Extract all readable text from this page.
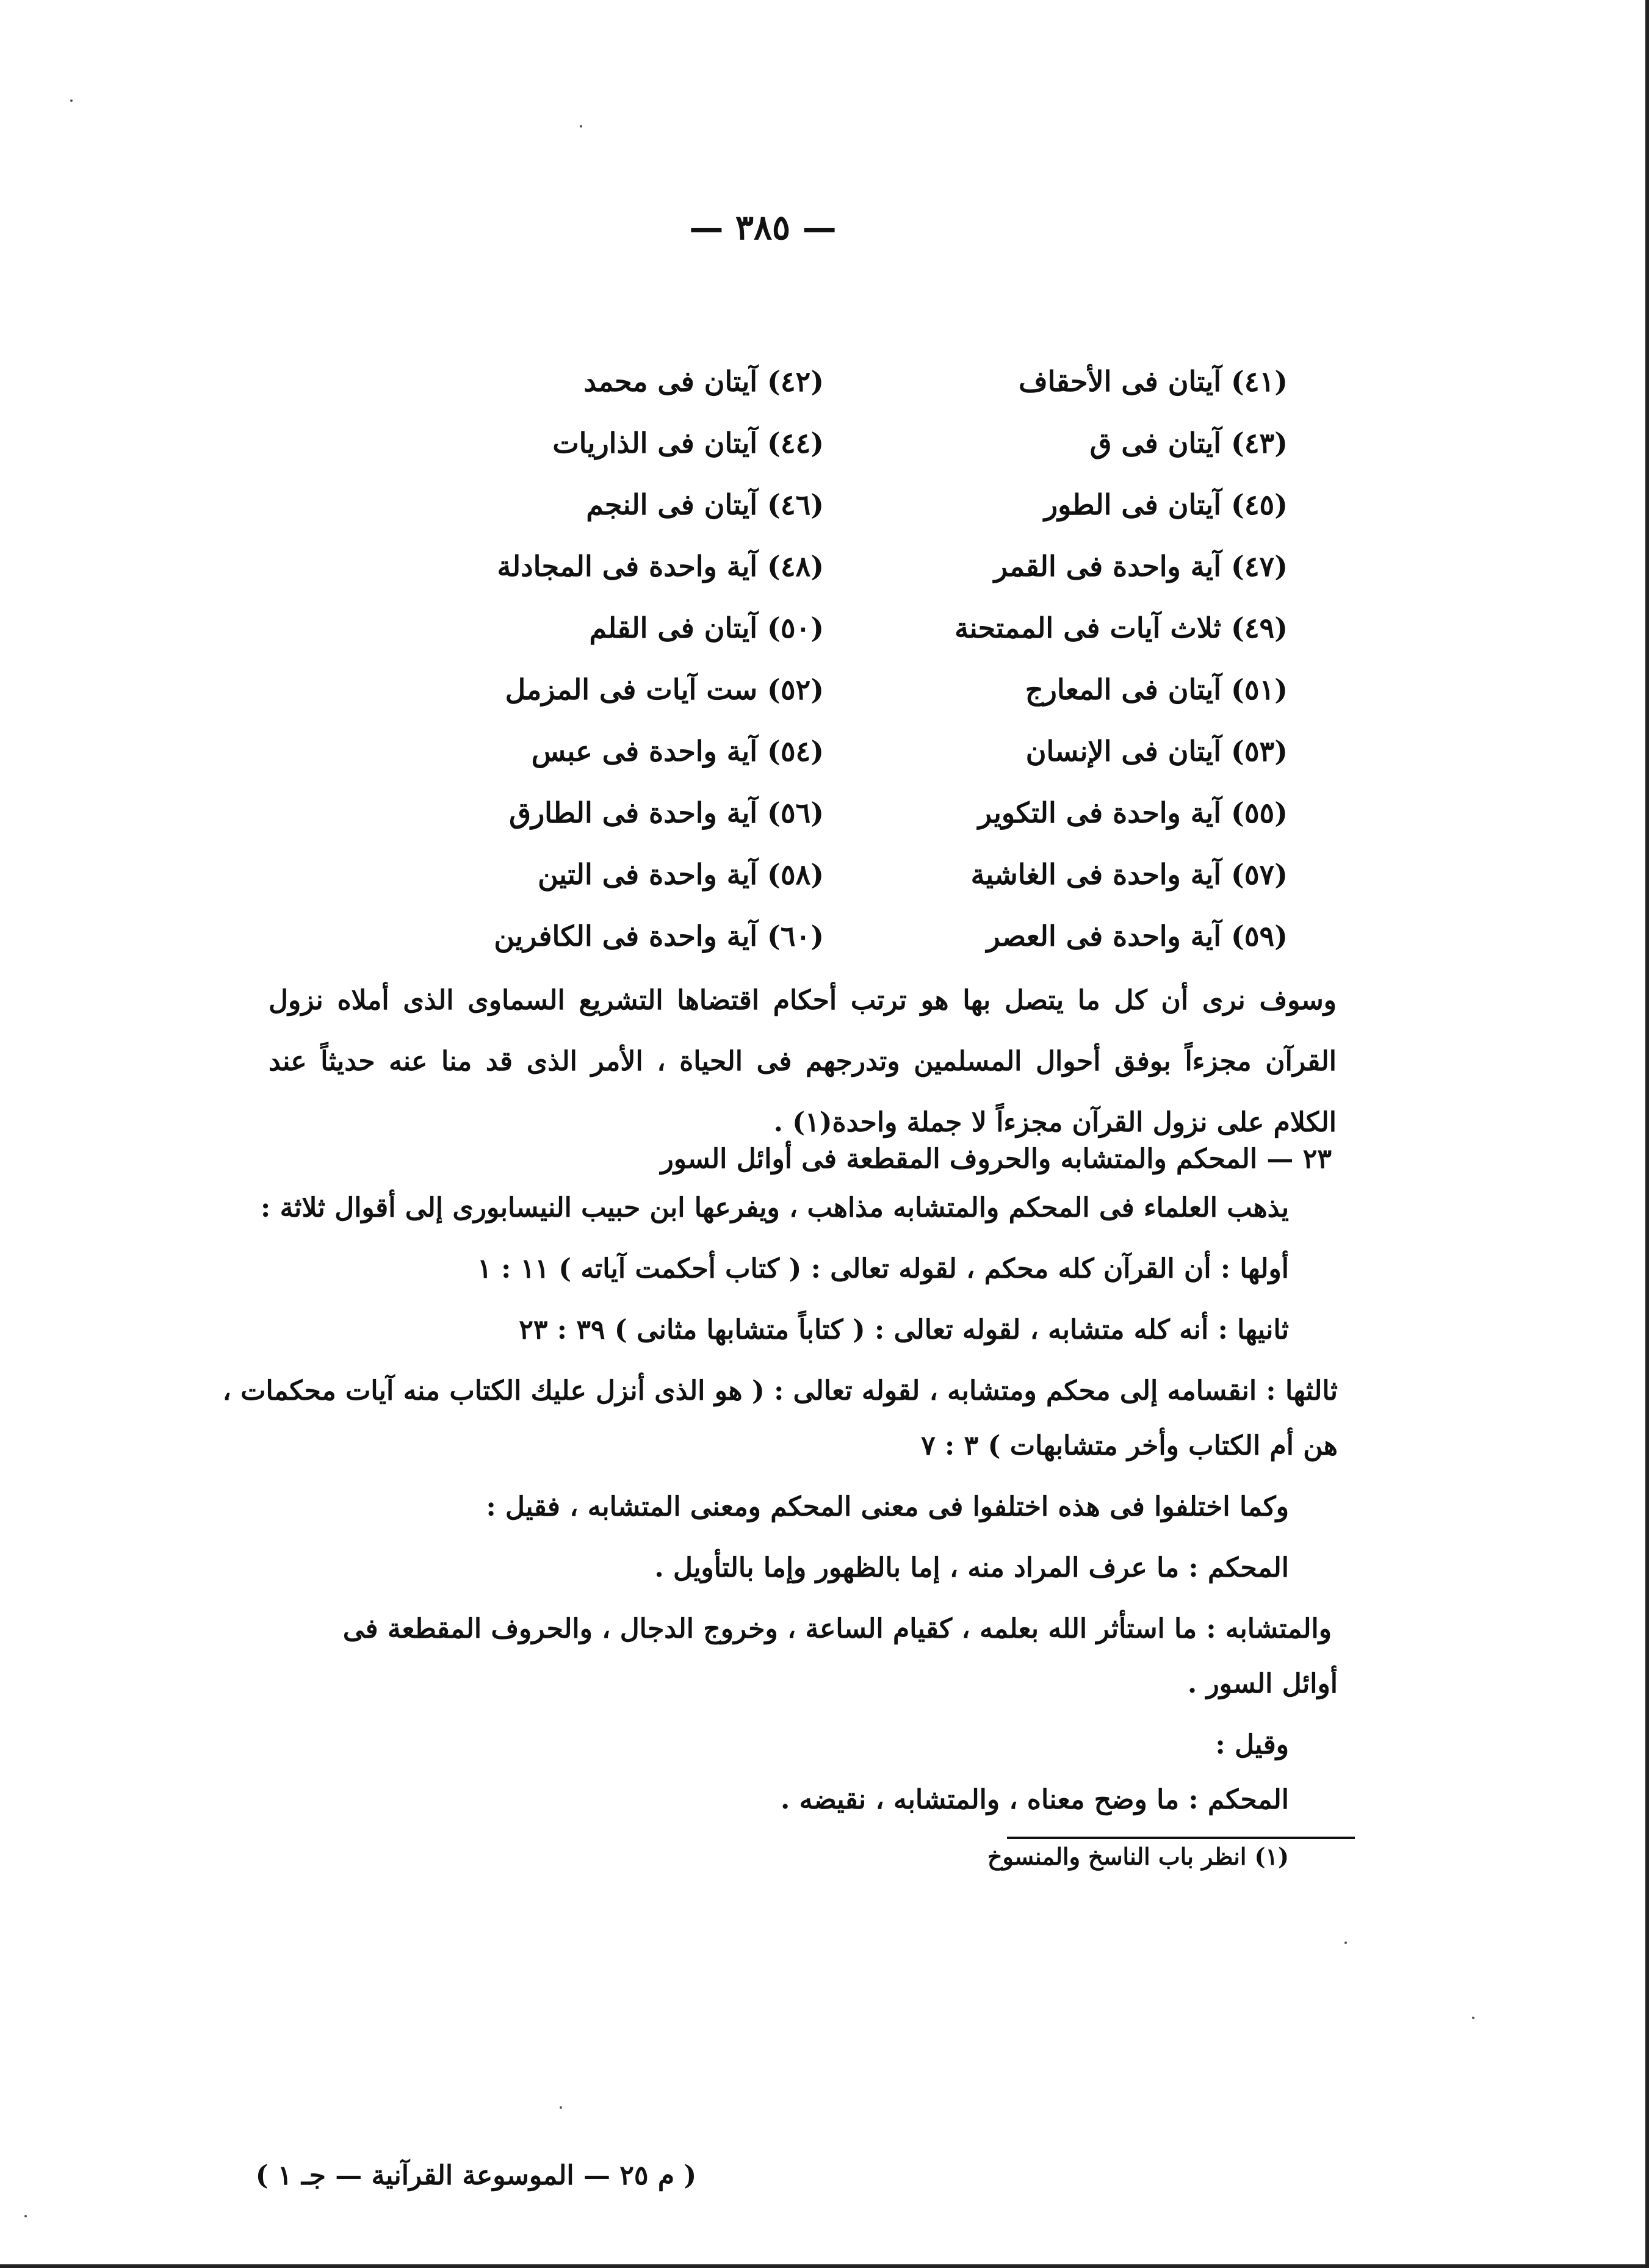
— ٣٨٥ —
(٤١) آيتان فى الأحقاف
(٤٢) آيتان فى محمد
(٤٣) آيتان فى ق
(٤٤) آيتان فى الذاريات
(٤٥) آيتان فى الطور
(٤٦) آيتان فى النجم
(٤٧) آية واحدة فى القمر
(٤٨) آية واحدة فى المجادلة
(٤٩) ثلاث آيات فى الممتحنة
(٥٠) آيتان فى القلم
(٥١) آيتان فى المعارج
(٥٢) ست آيات فى المزمل
(٥٣) آيتان فى الإنسان
(٥٤) آية واحدة فى عبس
(٥٥) آية واحدة فى التكوير
(٥٦) آية واحدة فى الطارق
(٥٧) آية واحدة فى الغاشية
(٥٨) آية واحدة فى التين
(٥٩) آية واحدة فى العصر
(٦٠) آية واحدة فى الكافرين
وسوف نرى أن كل ما يتصل بها هو ترتب أحكام اقتضاها التشريع السماوى الذى أملاه نزول القرآن مجزءاً بوفق أحوال المسلمين وتدرجهم فى الحياة ، الأمر الذى قد منا عنه حديثاً عند الكلام على نزول القرآن مجزءاً لا جملة واحدة(١) .
٢٣ — المحكم والمتشابه والحروف المقطعة فى أوائل السور
يذهب العلماء فى المحكم والمتشابه مذاهب ، ويفرعها ابن حبيب النيسابورى إلى أقوال ثلاثة :
أولها : أن القرآن كله محكم ، لقوله تعالى : ( كتاب أحكمت آياته ) ١١ : ١
ثانيها : أنه كله متشابه ، لقوله تعالى : ( كتاباً متشابها مثانى ) ٣٩ : ٢٣
ثالثها : انقسامه إلى محكم ومتشابه ، لقوله تعالى : ( هو الذى أنزل عليك الكتاب منه آيات محكمات ،
هن أم الكتاب وأخر متشابهات ) ٣ : ٧
وكما اختلفوا فى هذه اختلفوا فى معنى المحكم ومعنى المتشابه ، فقيل :
المحكم : ما عرف المراد منه ، إما بالظهور وإما بالتأويل .
والمتشابه : ما استأثر الله بعلمه ، كقيام الساعة ، وخروج الدجال ، والحروف المقطعة فى
أوائل السور .
وقيل :
المحكم : ما وضح معناه ، والمتشابه ، نقيضه .
(١) انظر باب الناسخ والمنسوخ
( م ٢٥ — الموسوعة القرآنية — جـ ١ )
